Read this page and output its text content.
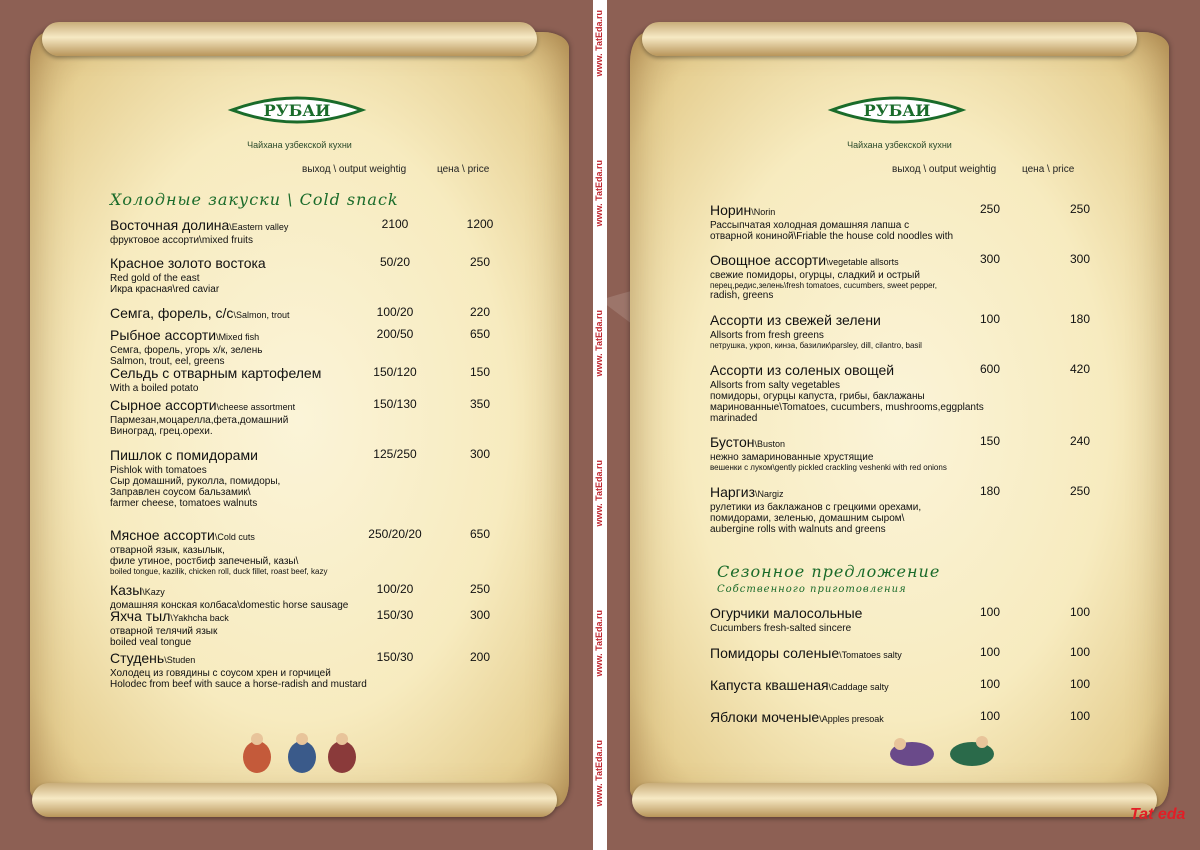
РУБАИ
Чайхана узбекской кухни
выход \ output weightig	цена \ price
Холодные закуски \ Cold snack
Восточная долина\Eastern valley
фруктовое ассорти\mixed fruits
2100	1200
Красное золото востока
Red gold of the east
Икра красная\red caviar
50/20	250
Семга, форель, с/с\Salmon, trout	100/20	220
Рыбное ассорти\Mixed fish
Семга, форель, угорь х/к, зелень
Salmon, trout, eel, greens
200/50	650
Сельдь с отварным картофелем
With a boiled potato
150/120	150
Сырное ассорти\cheese assortment
Пармезан,моцарелла,фета,домашний
Виноград, грец.орехи.
150/130	350
Пишлок с помидорами
Pishlok with tomatoes
Сыр домашний, руколла, помидоры,
Заправлен соусом бальзамик\
farmer cheese, tomatoes walnuts
125/250	300
Мясное ассорти\Cold cuts
отварной язык, казылык,
филе утиное, ростбиф запеченый, казы\
boiled tongue, kazilik, chicken roll, duck fillet, roast beef, kazy
250/20/20	650
Казы\Kazy
домашняя конская колбаса\domestic horse sausage
100/20	250
Яхча тыл\Yakhcha back
отварной телячий язык
boiled veal tongue
150/30	300
Студень\Studen
Холодец из говядины с соусом хрен и горчицей
Holodec from beef with sauce a horse-radish and mustard
150/30	200
РУБАИ
Чайхана узбекской кухни
выход \ output weightig	цена \ price
Норин\Norin
Рассыпчатая холодная домашняя лапша с
отварной кониной\Friable the house cold noodles with
250	250
Овощное ассорти\vegetable allsorts
свежие помидоры, огурцы, сладкий и острый
перец,редис,зелень\fresh tomatoes, cucumbers, sweet pepper,
radish, greens
300	300
Ассорти из свежей зелени
Allsorts from fresh greens
петрушка, укроп, кинза, базилик\parsley, dill, cilantro, basil
100	180
Ассорти из соленых овощей
Allsorts from salty vegetables
помидоры, огурцы капуста, грибы, баклажаны
маринованные\Tomatoes, cucumbers, mushrooms,eggplants
marinaded
600	420
Бустон\Buston
нежно замаринованные хрустящие
вешенки с луком\gently pickled crackling veshenki with red onions
150	240
Наргиз\Nargiz
рулетики из баклажанов с грецкими орехами,
помидорами, зеленью, домашним сыром\
aubergine rolls with walnuts and greens
180	250
Сезонное предложение
Собственного приготовления
Огурчики малосольные
Cucumbers fresh-salted sincere
100	100
Помидоры соленые\Tomatoes salty	100	100
Капуста квашеная\Caddage salty	100	100
Яблоки моченые\Apples presoak	100	100
www. TatEda.ru
www. TatEda.ru
www. TatEda.ru
www. TatEda.ru
www. TatEda.ru
www. TatEda.ru
Tat eda
